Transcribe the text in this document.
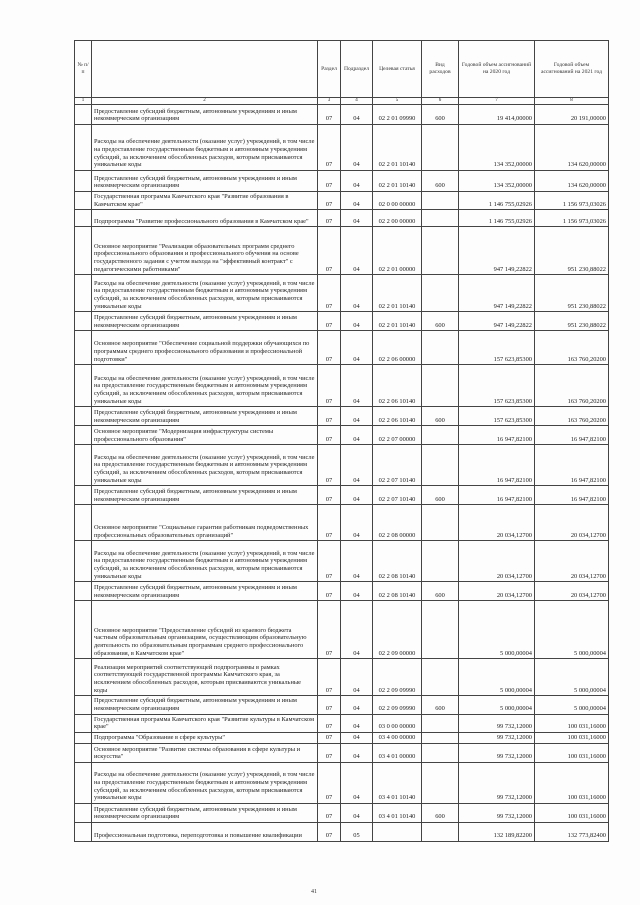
№ п/п		Раздел	Подраздел	Целевая статья	Вид расходов	Годовой объем ассигнований на 2020 год	Годовой объем ассигнований на 2021 год
1	2	3	4	5	6	7	8
	Предоставление субсидий бюджетным, автономным учреждениям и иным некоммерческим организациям	07	04	02 2 01 09990	600	19 414,00000	20 191,00000
	Расходы на обеспечение деятельности (оказание услуг) учреждений, в том числе на предоставление государственным бюджетным и автономным учреждениям субсидий, за исключением обособленных расходов, которым присваиваются уникальные коды	07	04	02 2 01 10140		134 352,00000	134 620,00000
	Предоставление субсидий бюджетным, автономным учреждениям и иным некоммерческим организациям	07	04	02 2 01 10140	600	134 352,00000	134 620,00000
	Государственная программа Камчатского края "Развитие образования в Камчатском крае"	07	04	02 0 00 00000		1 146 755,02926	1 156 973,03026
	Подпрограмма "Развитие профессионального образования в Камчатском крае"	07	04	02 2 00 00000		1 146 755,02926	1 156 973,03026
	Основное мероприятие "Реализация образовательных программ среднего профессионального образования и профессионального обучения на основе государственного задания с учетом выхода на "эффективный контракт" с педагогическими работниками"	07	04	02 2 01 00000		947 149,22822	951 230,88022
	Расходы на обеспечение деятельности (оказание услуг) учреждений, в том числе на предоставление государственным бюджетным и автономным учреждениям субсидий, за исключением обособленных расходов, которым присваиваются уникальные коды	07	04	02 2 01 10140		947 149,22822	951 230,88022
	Предоставление субсидий бюджетным, автономным учреждениям и иным некоммерческим организациям	07	04	02 2 01 10140	600	947 149,22822	951 230,88022
	Основное мероприятие "Обеспечение социальной поддержки обучающихся по программам среднего профессионального образования и профессиональной подготовки"	07	04	02 2 06 00000		157 623,85300	163 760,20200
	Расходы на обеспечение деятельности (оказание услуг) учреждений, в том числе на предоставление государственным бюджетным и автономным учреждениям субсидий, за исключением обособленных расходов, которым присваиваются уникальные коды	07	04	02 2 06 10140		157 623,85300	163 760,20200
	Предоставление субсидий бюджетным, автономным учреждениям и иным некоммерческим организациям	07	04	02 2 06 10140	600	157 623,85300	163 760,20200
	Основное мероприятие "Модернизация инфраструктуры системы профессионального образования"	07	04	02 2 07 00000		16 947,82100	16 947,82100
	Расходы на обеспечение деятельности (оказание услуг) учреждений, в том числе на предоставление государственным бюджетным и автономным учреждениям субсидий, за исключением обособленных расходов, которым присваиваются уникальные коды	07	04	02 2 07 10140		16 947,82100	16 947,82100
	Предоставление субсидий бюджетным, автономным учреждениям и иным некоммерческим организациям	07	04	02 2 07 10140	600	16 947,82100	16 947,82100
	Основное мероприятие "Социальные гарантии работникам подведомственных профессиональных образовательных организаций"	07	04	02 2 08 00000		20 034,12700	20 034,12700
	Расходы на обеспечение деятельности (оказание услуг) учреждений, в том числе на предоставление государственным бюджетным и автономным учреждениям субсидий, за исключением обособленных расходов, которым присваиваются уникальные коды	07	04	02 2 08 10140		20 034,12700	20 034,12700
	Предоставление субсидий бюджетным, автономным учреждениям и иным некоммерческим организациям	07	04	02 2 08 10140	600	20 034,12700	20 034,12700
	Основное мероприятие "Предоставление субсидий из краевого бюджета частным образовательным организациям, осуществляющим образовательную деятельность по образовательным программам среднего профессионального образования, в Камчатском крае"	07	04	02 2 09 00000		5 000,00004	5 000,00004
	Реализация мероприятий соответствующей подпрограммы в рамках соответствующей государственной программы Камчатского края, за исключением обособленных расходов, которым присваиваются уникальные коды	07	04	02 2 09 09990		5 000,00004	5 000,00004
	Предоставление субсидий бюджетным, автономным учреждениям и иным некоммерческим организациям	07	04	02 2 09 09990	600	5 000,00004	5 000,00004
	Государственная программа Камчатского края "Развитие культуры в Камчатском крае"	07	04	03 0 00 00000		99 732,12000	100 031,16000
	Подпрограмма "Образование в сфере культуры"	07	04	03 4 00 00000		99 732,12000	100 031,16000
	Основное мероприятие "Развитие системы образования в сфере культуры и искусства"	07	04	03 4 01 00000		99 732,12000	100 031,16000
	Расходы на обеспечение деятельности (оказание услуг) учреждений, в том числе на предоставление государственным бюджетным и автономным учреждениям субсидий, за исключением обособленных расходов, которым присваиваются уникальные коды	07	04	03 4 01 10140		99 732,12000	100 031,16000
	Предоставление субсидий бюджетным, автономным учреждениям и иным некоммерческим организациям	07	04	03 4 01 10140	600	99 732,12000	100 031,16000
	Профессиональная подготовка, переподготовка и повышение квалификации	07	05			132 189,82200	132 773,82400
41
